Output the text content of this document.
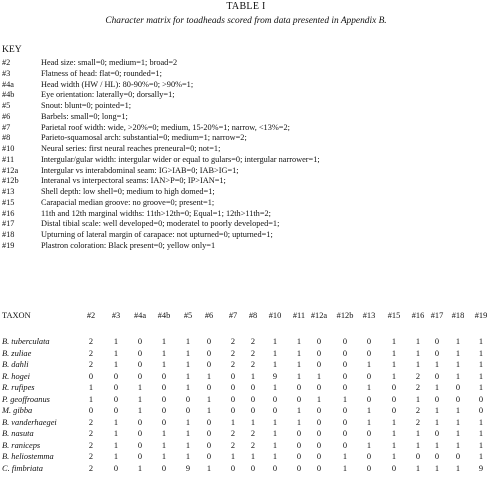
TABLE I
Character matrix for toadheads scored from data presented in Appendix B.
KEY
#2	Head size: small=0; medium=1; broad=2
#3	Flatness of head: flat=0; rounded=1;
#4a	Head width (HW / HL): 80-90%=0; >90%=1;
#4b	Eye orientation: laterally=0; dorsally=1;
#5	Snout: blunt=0; pointed=1;
#6	Barbels: small=0; long=1;
#7	Parietal roof width: wide, >20%=0; medium, 15-20%=1; narrow, <13%=2;
#8	Parieto-squamosal arch: substantial=0; medium=1; narrow=2;
#10	Neural series: first neural reaches preneural=0; not=1;
#11	Intergular/gular width: intergular wider or equal to gulars=0; intergular narrower=1;
#12a	Intergular vs interabdominal seam: IG>IAB=0; IAB>IG=1;
#12b	Interanal vs interpectoral seams: IAN>P=0; IP>IAN=1;
#13	Shell depth: low shell=0; medium to high domed=1;
#15	Carapacial median groove: no groove=0; present=1;
#16	11th and 12th marginal widths: 11th>12th=0; Equal=1; 12th>11th=2;
#17	Distal tibial scale: well developed=0; moderatel to poorly developed=1;
#18	Upturning of lateral margin of carapace: not upturned=0; upturned=1;
#19	Plastron coloration: Black present=0; yellow only=1
TAXON	#2 #3 #4a #4b #5 #6 #7 #8 #10 #11 #12a #12b #13 #15 #16 #17 #18 #19
B. tuberculata	2 1 0 1 1 0 2 2 1 1 0	0 0 1 1 0 1 1
B. zuliae	2 1 0 1 1 0 2 2 1 1 0	0 0 1 1 0 1 1
B. dahli	2 1 0 1 1 0 2 2 1 1 0	0 1 1 1 1 1 1
R. hogei	0 0 0 0 1 1 0 1 9 1 1	0 0 1 2 0 1 1
R. rufipes	1 0 1 0 1 0 0 0 1 0 0	0 1 0 2 1 0 1
P. geoffroanus	1 0 1 0 0 1 0 0 0 0 1	1 0 0 1 0 0 0
M. gibba	0 0 1 0 0 1 0 0 0 1 0	0 1 0 2 1 1 0
B. vanderhaegei	2 1 0 0 1 0 1 1 1 1 0	0 1 1 2 1 1 1
B. nasuta	2 1 0 1 1 0 2 2 1 0 0	0 0 1 1 0 1 1
B. raniceps	2 1 0 1 1 0 2 2 1 0 0	0 1 1 1 1 1 1
B. heliostemma	2 1 0 1 1 0 1 1 1 0 0	1 0 1 0 0 0 1
C. fimbriata	2 0 1 0 9 1 0 0 0 0 0	1 0 0 1 1 1 9
